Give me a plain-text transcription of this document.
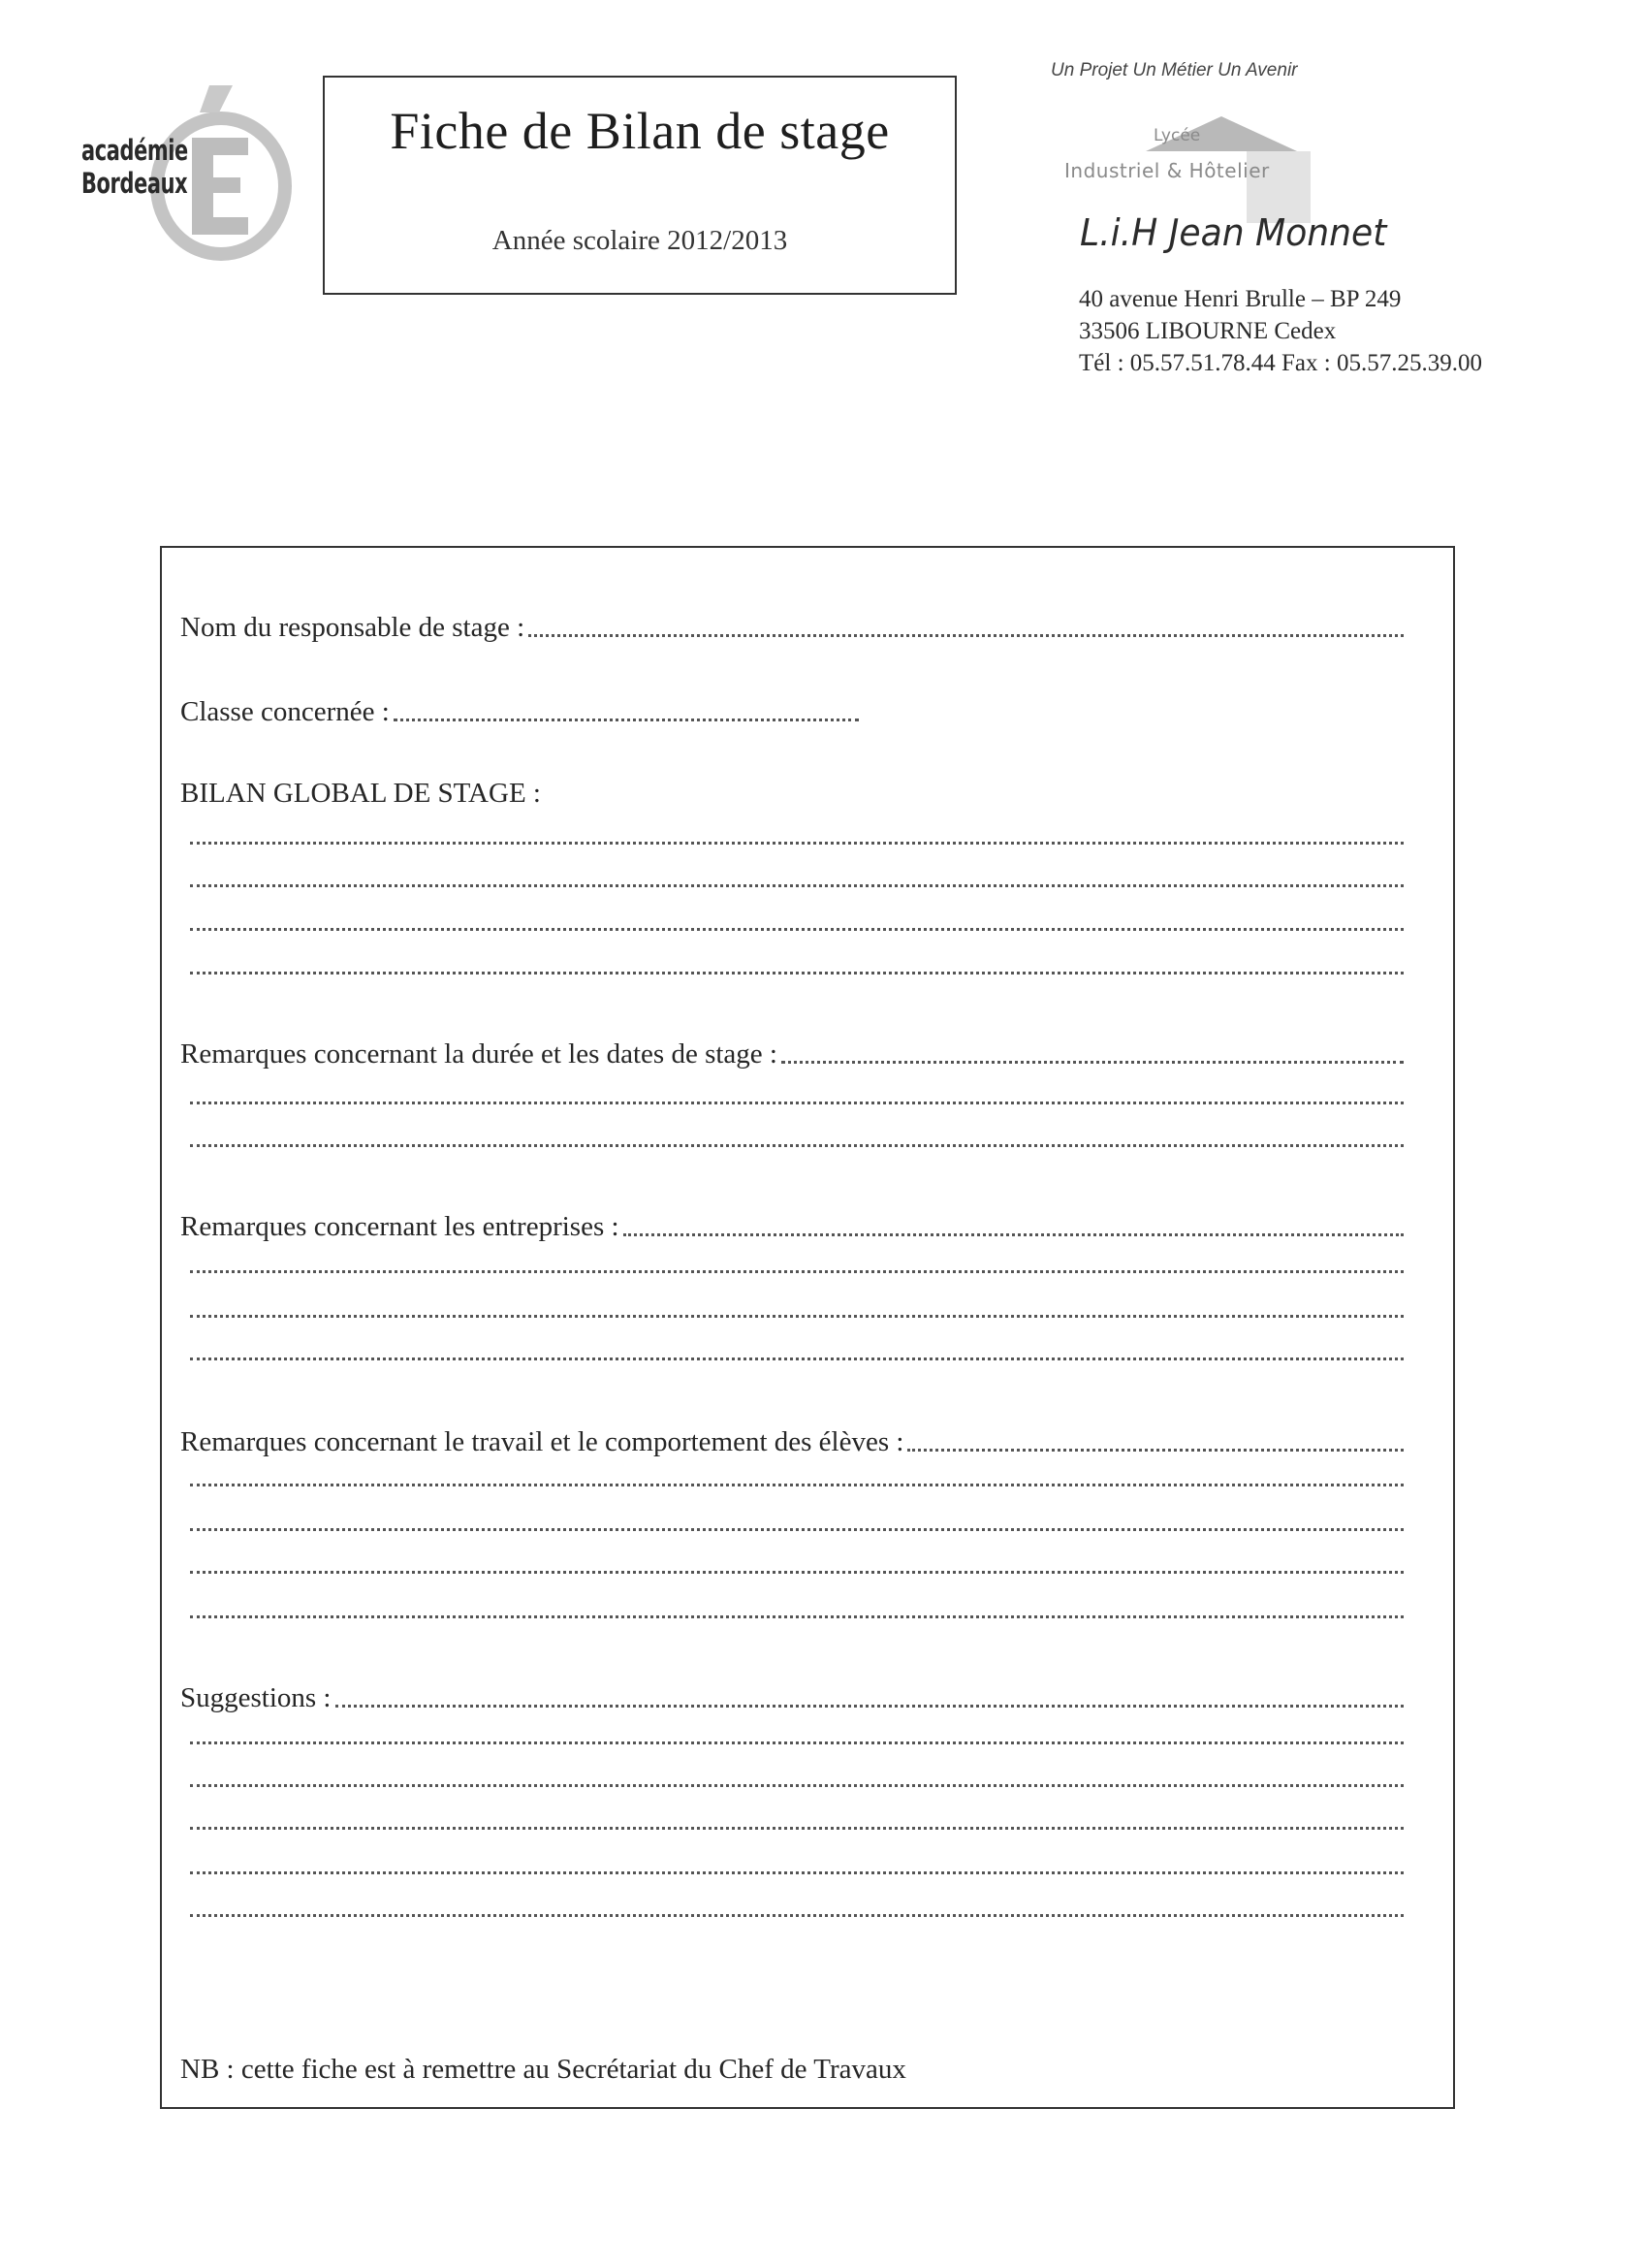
académie
Bordeaux
Fiche de Bilan de stage
Année scolaire 2012/2013
Un Projet Un Métier Un Avenir
Lycée
Industriel & Hôtelier
L.i.H Jean Monnet
40 avenue Henri Brulle – BP 249
33506 LIBOURNE Cedex
Tél : 05.57.51.78.44 Fax : 05.57.25.39.00
Nom du responsable de stage :
Classe concernée :
BILAN GLOBAL DE STAGE :
Remarques concernant la durée et les dates de stage :
Remarques concernant les entreprises :
Remarques concernant le travail et le comportement des élèves :
Suggestions :
NB : cette fiche est à remettre au Secrétariat du Chef de Travaux
